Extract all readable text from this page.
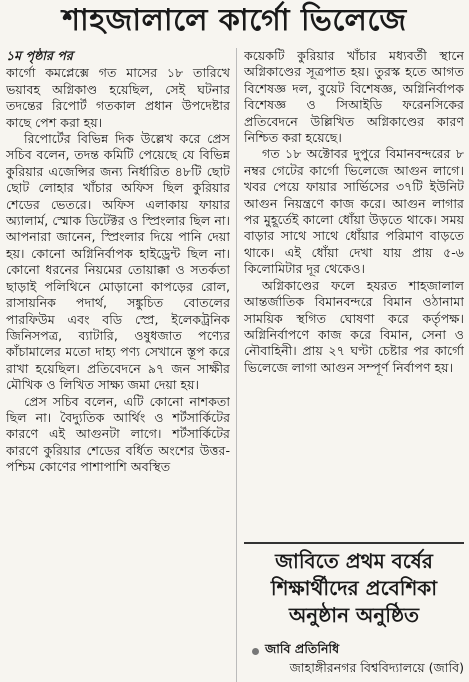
শাহজালালে কার্গো ভিলেজে

১ম পৃষ্ঠার পর

কার্গো কমপ্লেক্সে গত মাসের ১৮ তারিখে ভয়াবহ অগ্নিকাণ্ড হয়েছিল, সেই ঘটনার তদন্তের রিপোর্ট গতকাল প্রধান উপদেষ্টার কাছে পেশ করা হয়।

রিপোর্টের বিভিন্ন দিক উল্লেখ করে প্রেস সচিব বলেন, তদন্ত কমিটি পেয়েছে যে বিভিন্ন কুরিয়ার এজেন্সির জন্য নির্ধারিত ৪৮টি ছোট ছোট লোহার খাঁচার অফিস ছিল কুরিয়ার শেডের ভেতরে। অফিস এলাকায় ফায়ার অ্যালার্ম, স্মোক ডিটেক্টর ও স্প্রিংলার ছিল না। আপনারা জানেন, স্প্রিংলার দিয়ে পানি দেয়া হয়। কোনো অগ্নিনির্বাপক হাইড্রেন্ট ছিল না। কোনো ধরনের নিয়মের তোয়াক্কা ও সতর্কতা ছাড়াই পলিথিনে মোড়ানো কাপড়ের রোল, রাসায়নিক পদার্থ, সঙ্কুচিত বোতলের পারফিউম এবং বডি স্প্রে, ইলেকট্রনিক জিনিসপত্র, ব্যাটারি, ওষুধজাত পণ্যের কাঁচামালের মতো দাহ্য পণ্য সেখানে স্তূপ করে রাখা হয়েছিল। প্রতিবেদনে ৯৭ জন সাক্ষীর মৌখিক ও লিখিত সাক্ষ্য জমা দেয়া হয়।

প্রেস সচিব বলেন, এটি কোনো নাশকতা ছিল না। বৈদ্যুতিক আর্থিং ও শর্টসার্কিটের কারণে এই আগুনটা লাগে। শর্টসার্কিটের কারণে কুরিয়ার শেডের বর্ধিত অংশের উত্তর-পশ্চিম কোণের পাশাপাশি অবস্থিত

কয়েকটি কুরিয়ার খাঁচার মধ্যবর্তী স্থানে অগ্নিকাণ্ডের সূত্রপাত হয়। তুরস্ক হতে আগত বিশেষজ্ঞ দল, বুয়েট বিশেষজ্ঞ, অগ্নিনির্বাপক বিশেষজ্ঞ ও সিআইডি ফরেনসিকের প্রতিবেদনে উল্লিখিত অগ্নিকাণ্ডের কারণ নিশ্চিত করা হয়েছে।

গত ১৮ অক্টোবর দুপুরে বিমানবন্দরের ৮ নম্বর গেটের কার্গো ভিলেজে আগুন লাগে। খবর পেয়ে ফায়ার সার্ভিসের ৩৭টি ইউনিট আগুন নিয়ন্ত্রণে কাজ করে। আগুন লাগার পর মুহূর্তেই কালো ধোঁয়া উড়তে থাকে। সময় বাড়ার সাথে সাথে ধোঁয়ার পরিমাণ বাড়তে থাকে। এই ধোঁয়া দেখা যায় প্রায় ৫-৬ কিলোমিটার দূর থেকেও।

অগ্নিকাণ্ডের ফলে হযরত শাহজালাল আন্তর্জাতিক বিমানবন্দরে বিমান ওঠানামা সাময়িক স্থগিত ঘোষণা করে কর্তৃপক্ষ। অগ্নিনির্বাপণে কাজ করে বিমান, সেনা ও নৌবাহিনী। প্রায় ২৭ ঘণ্টা চেষ্টার পর কার্গো ভিলেজে লাগা আগুন সম্পূর্ণ নির্বাপণ হয়।

জাবিতে প্রথম বর্ষের শিক্ষার্থীদের প্রবেশিকা অনুষ্ঠান অনুষ্ঠিত
জাবি প্রতিনিধি
জাহাঙ্গীরনগর বিশ্ববিদ্যালয়ে (জাবি)
